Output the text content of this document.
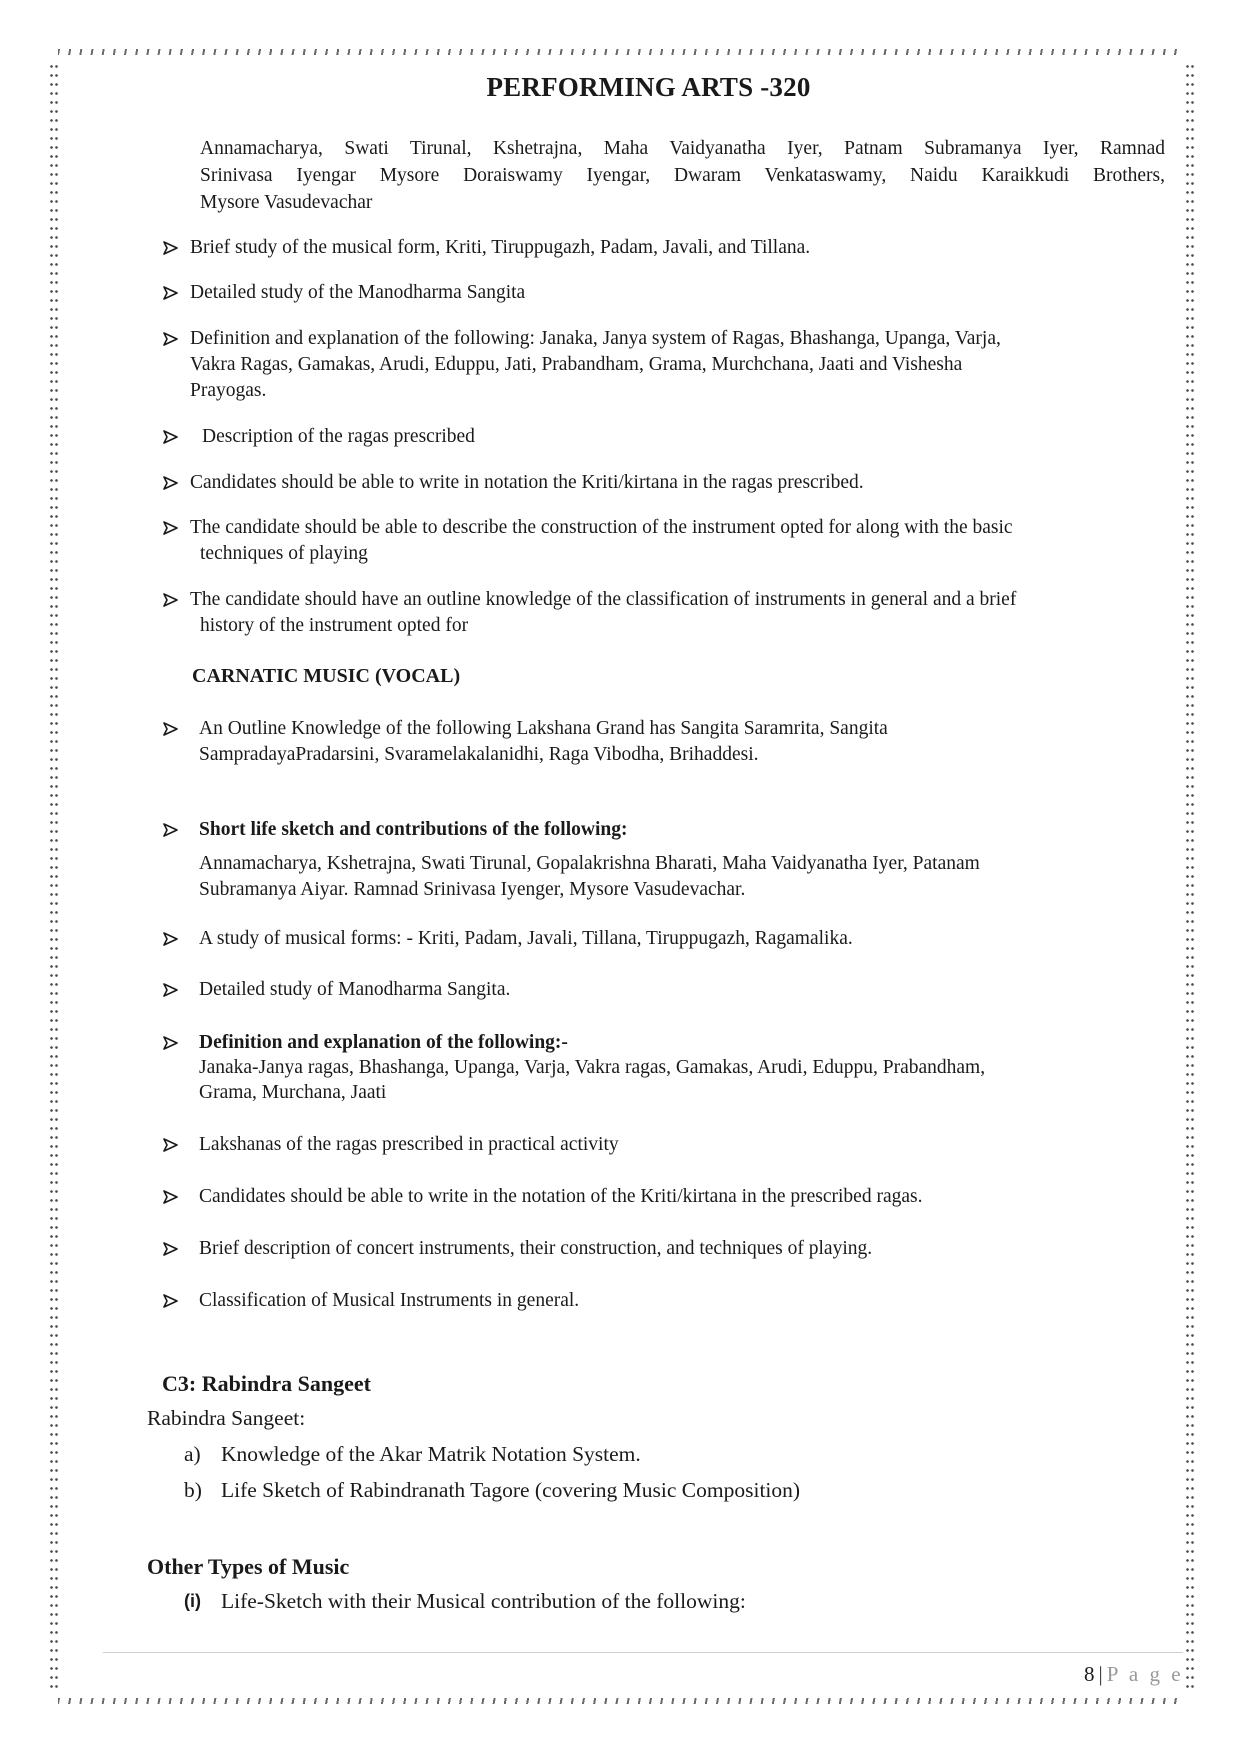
PERFORMING ARTS -320
Annamacharya, Swati Tirunal, Kshetrajna, Maha Vaidyanatha Iyer, Patnam Subramanya Iyer, Ramnad
Srinivasa Iyengar Mysore Doraiswamy Iyengar, Dwaram Venkataswamy, Naidu Karaikkudi Brothers,
Mysore Vasudevachar
Brief study of the musical form, Kriti, Tiruppugazh, Padam, Javali, and Tillana.
Detailed study of the Manodharma Sangita
Definition and explanation of the following: Janaka, Janya system of Ragas, Bhashanga, Upanga, Varja,
Vakra Ragas, Gamakas, Arudi, Eduppu, Jati, Prabandham, Grama, Murchchana, Jaati and Vishesha
Prayogas.
Description of the ragas prescribed
Candidates should be able to write in notation the Kriti/kirtana in the ragas prescribed.
The candidate should be able to describe the construction of the instrument opted for along with the basic
techniques of playing
The candidate should have an outline knowledge of the classification of instruments in general and a brief
history of the instrument opted for
CARNATIC MUSIC (VOCAL)
An Outline Knowledge of the following Lakshana Grand has Sangita Saramrita, Sangita
SampradayaPradarsini, Svaramelakalanidhi, Raga Vibodha, Brihaddesi.
Short life sketch and contributions of the following:
Annamacharya, Kshetrajna, Swati Tirunal, Gopalakrishna Bharati, Maha Vaidyanatha Iyer, Patanam
Subramanya Aiyar. Ramnad Srinivasa Iyenger, Mysore Vasudevachar.
A study of musical forms: - Kriti, Padam, Javali, Tillana, Tiruppugazh, Ragamalika.
Detailed study of Manodharma Sangita.
Definition and explanation of the following:-
Janaka-Janya ragas, Bhashanga, Upanga, Varja, Vakra ragas, Gamakas, Arudi, Eduppu, Prabandham,
Grama, Murchana, Jaati
Lakshanas of the ragas prescribed in practical activity
Candidates should be able to write in the notation of the Kriti/kirtana in the prescribed ragas.
Brief description of concert instruments, their construction, and techniques of playing.
Classification of Musical Instruments in general.
C3: Rabindra Sangeet
Rabindra Sangeet:
a) Knowledge of the Akar Matrik Notation System.
b) Life Sketch of Rabindranath Tagore (covering Music Composition)
Other Types of Music
(i) Life-Sketch with their Musical contribution of the following:
8 | P a g e
